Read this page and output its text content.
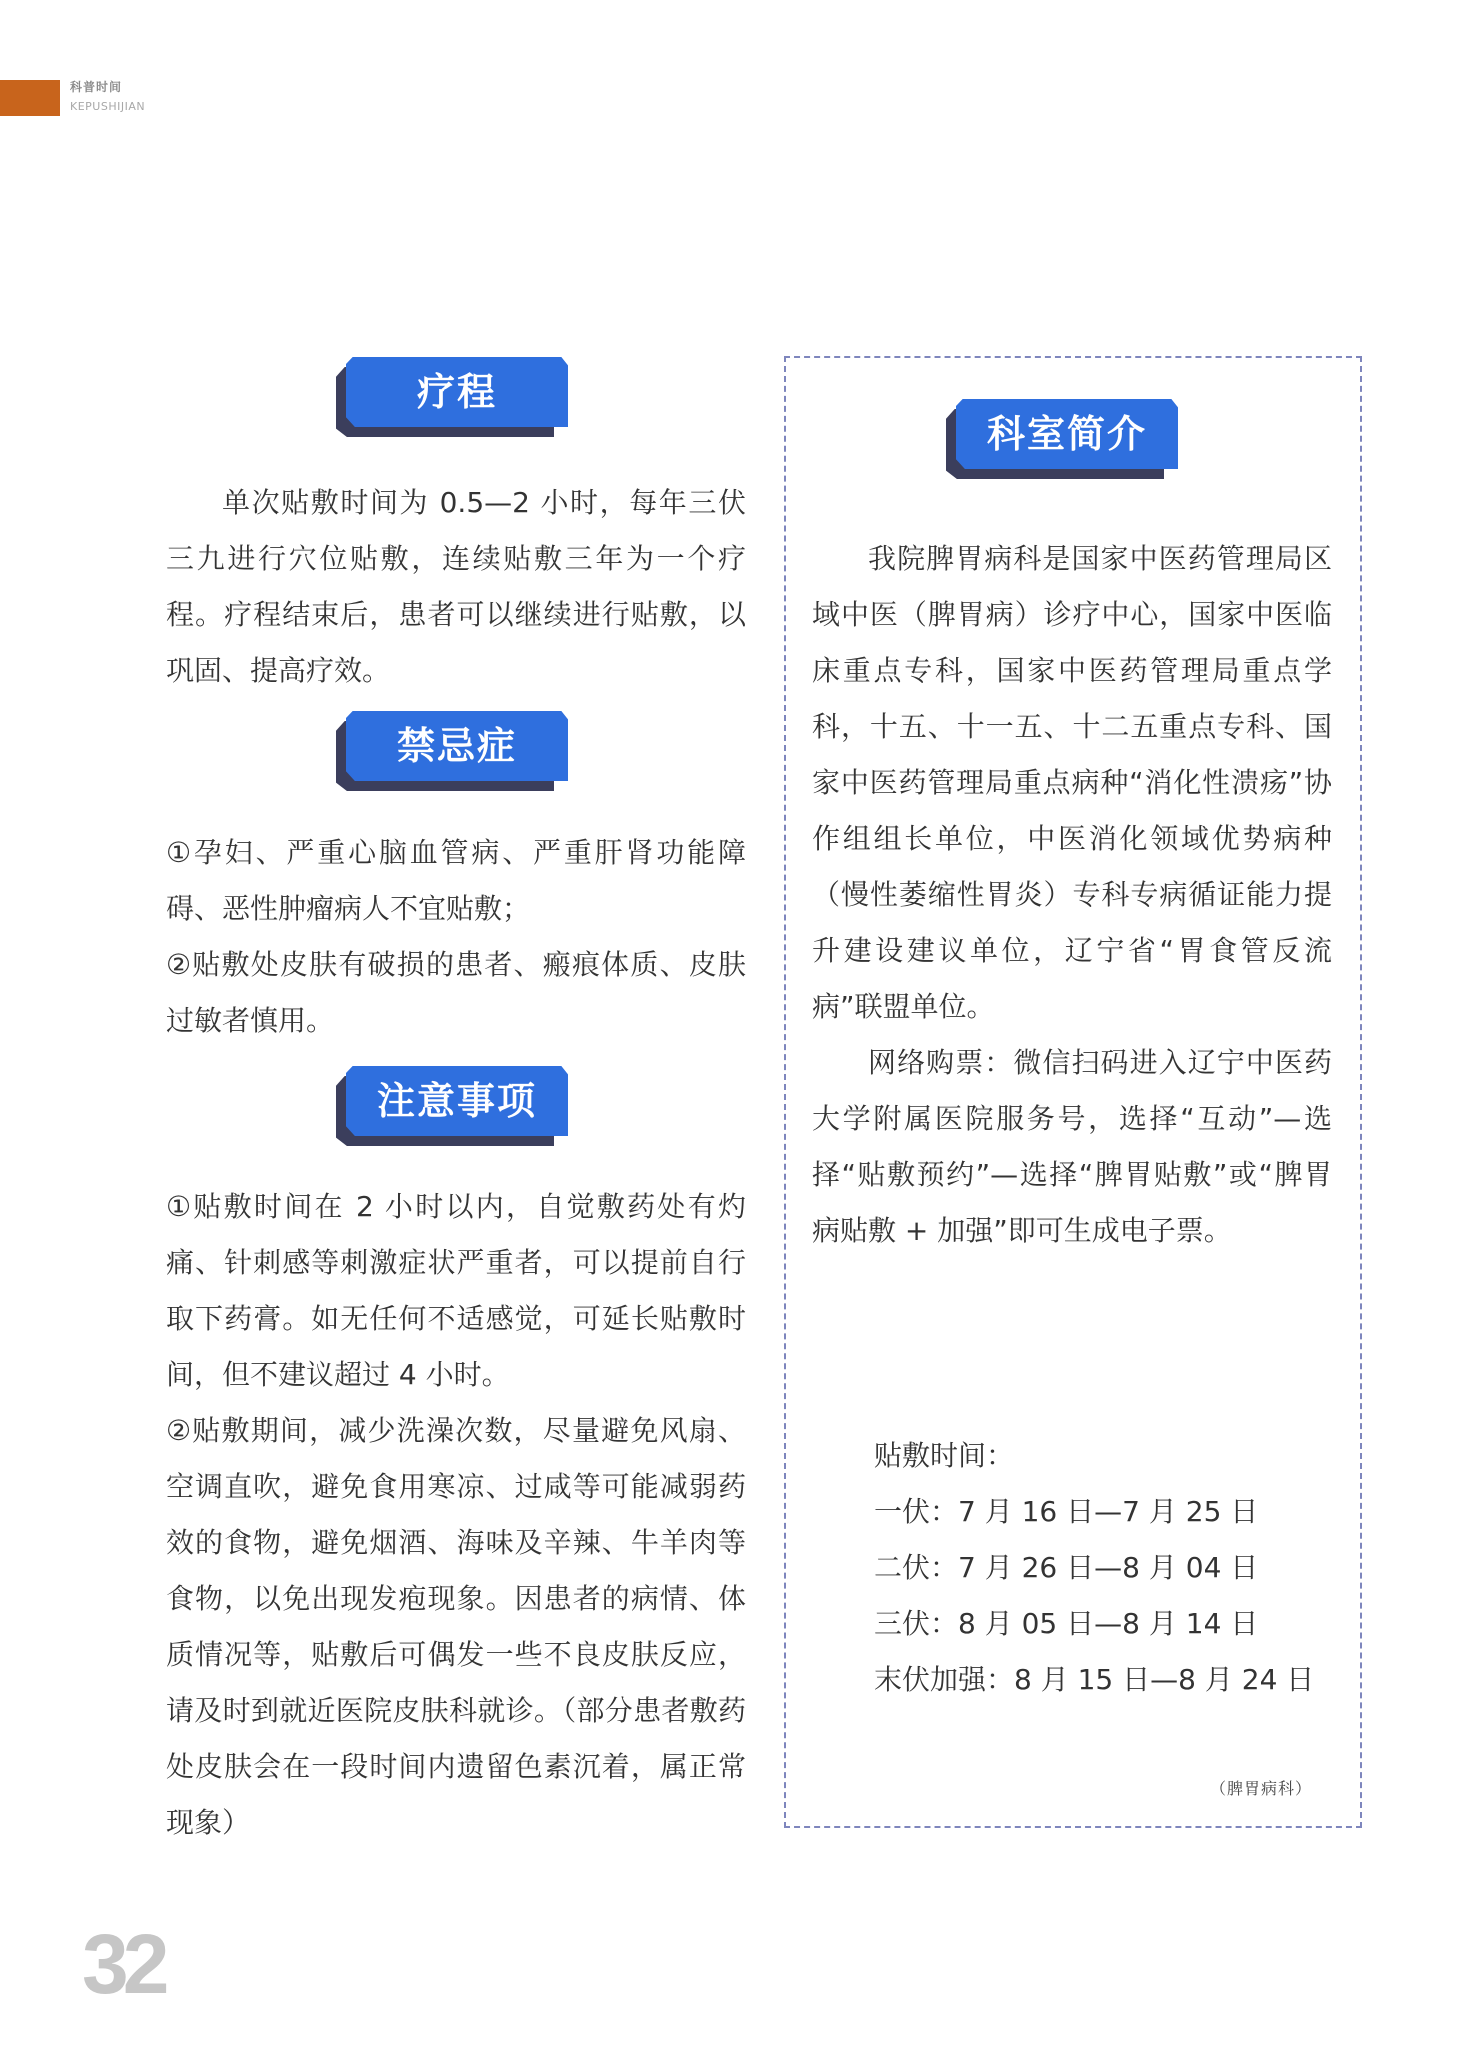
科普时间
KEPUSHIJIAN
疗程

单次贴敷时间为 0.5—2 小时，每年三伏三九进行穴位贴敷，连续贴敷三年为一个疗程。疗程结束后，患者可以继续进行贴敷，以巩固、提高疗效。

禁忌症

①孕妇、严重心脑血管病、严重肝肾功能障碍、恶性肿瘤病人不宜贴敷；

②贴敷处皮肤有破损的患者、瘢痕体质、皮肤过敏者慎用。

注意事项

①贴敷时间在 2 小时以内，自觉敷药处有灼痛、针刺感等刺激症状严重者，可以提前自行取下药膏。如无任何不适感觉，可延长贴敷时间，但不建议超过 4 小时。

②贴敷期间，减少洗澡次数，尽量避免风扇、空调直吹，避免食用寒凉、过咸等可能减弱药效的食物，避免烟酒、海味及辛辣、牛羊肉等食物，以免出现发疱现象。因患者的病情、体质情况等，贴敷后可偶发一些不良皮肤反应，请及时到就近医院皮肤科就诊。（部分患者敷药处皮肤会在一段时间内遗留色素沉着，属正常现象）

科室简介

我院脾胃病科是国家中医药管理局区域中医（脾胃病）诊疗中心，国家中医临床重点专科，国家中医药管理局重点学科，十五、十一五、十二五重点专科、国家中医药管理局重点病种“消化性溃疡”协作组组长单位，中医消化领域优势病种（慢性萎缩性胃炎）专科专病循证能力提升建设建议单位，辽宁省“胃食管反流病”联盟单位。

网络购票：微信扫码进入辽宁中医药大学附属医院服务号，选择“互动”—选择“贴敷预约”—选择“脾胃贴敷”或“脾胃病贴敷 + 加强”即可生成电子票。

贴敷时间：
一伏：7 月 16 日—7 月 25 日
二伏：7 月 26 日—8 月 04 日
三伏：8 月 05 日—8 月 14 日
末伏加强：8 月 15 日—8 月 24 日
（脾胃病科）
32
